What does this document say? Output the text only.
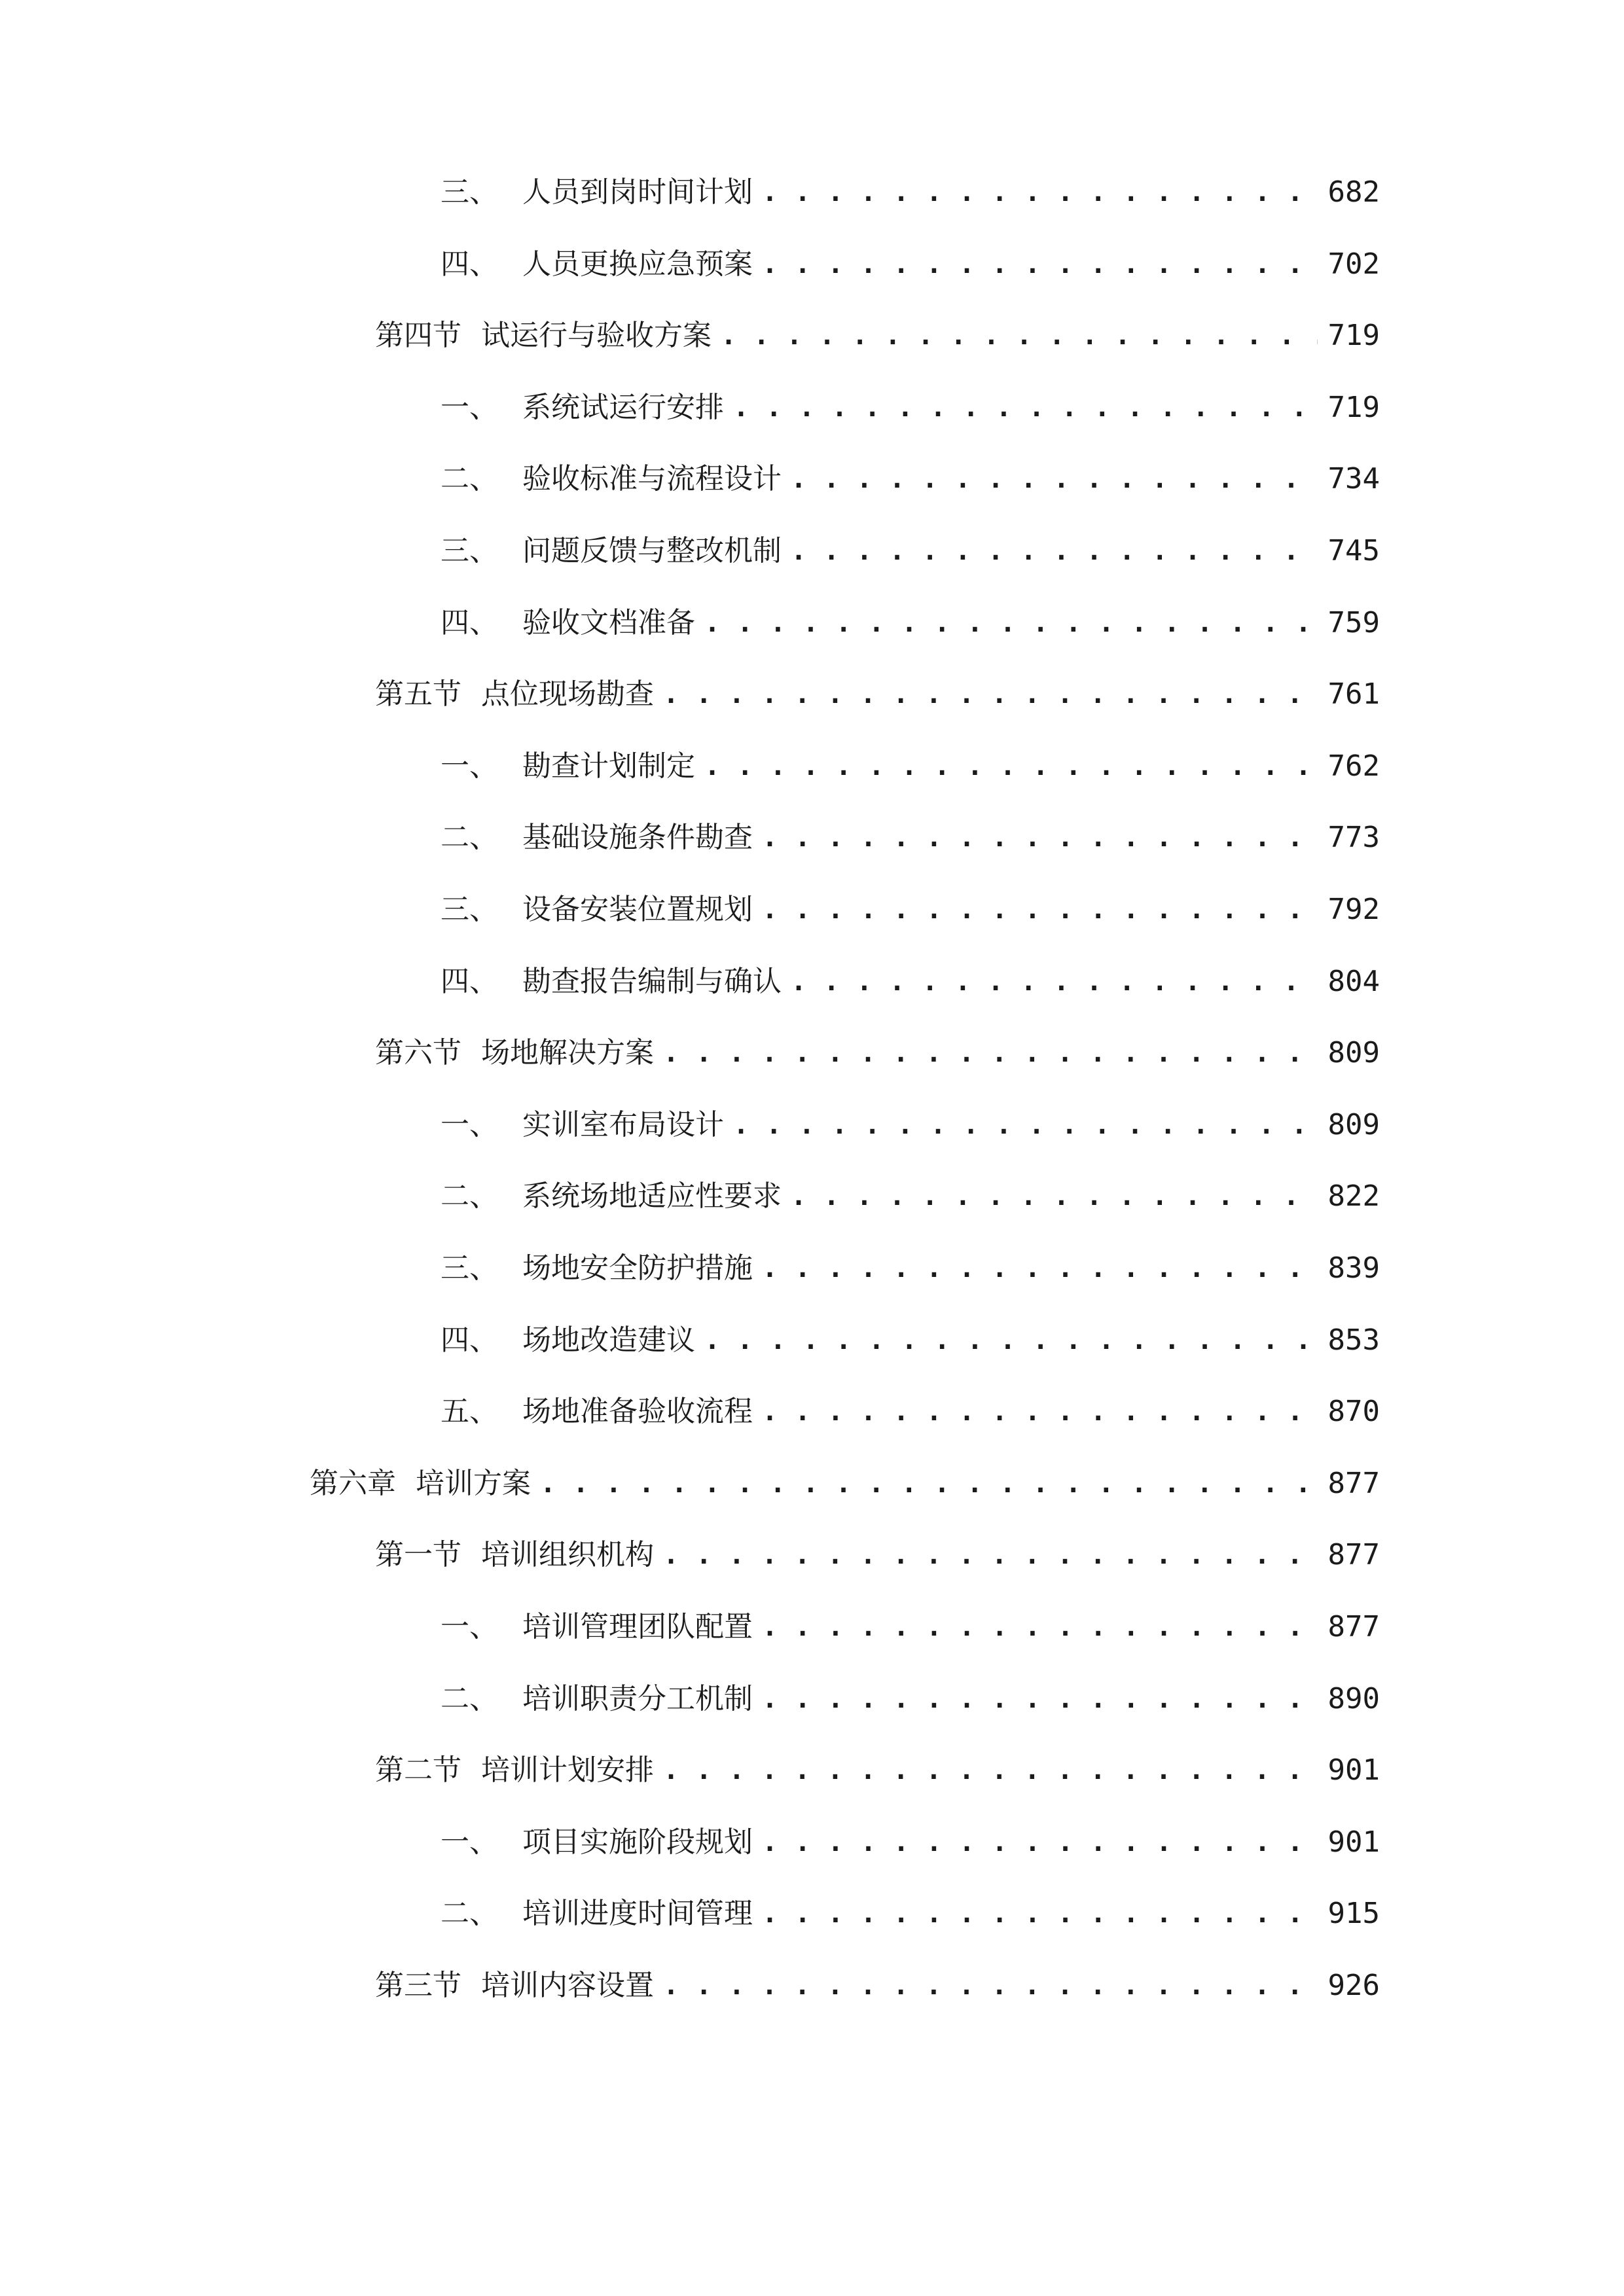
三、 人员到岗时间计划 . . .	682
四、 人员更换应急预案 . . .	702
第四节 试运行与验收方案 . . .	719
一、 系统试运行安排 . . .	719
二、 验收标准与流程设计 . . .	734
三、 问题反馈与整改机制 . . .	745
四、 验收文档准备 . . .	759
第五节 点位现场勘查 . . .	761
一、 勘查计划制定 . . .	762
二、 基础设施条件勘查 . . .	773
三、 设备安装位置规划 . . .	792
四、 勘查报告编制与确认 . . .	804
第六节 场地解决方案 . . .	809
一、 实训室布局设计 . . .	809
二、 系统场地适应性要求 . . .	822
三、 场地安全防护措施 . . .	839
四、 场地改造建议 . . .	853
五、 场地准备验收流程 . . .	870
第六章 培训方案 . . .	877
第一节 培训组织机构 . . .	877
一、 培训管理团队配置 . . .	877
二、 培训职责分工机制 . . .	890
第二节 培训计划安排 . . .	901
一、 项目实施阶段规划 . . .	901
二、 培训进度时间管理 . . .	915
第三节 培训内容设置 . . .	926
